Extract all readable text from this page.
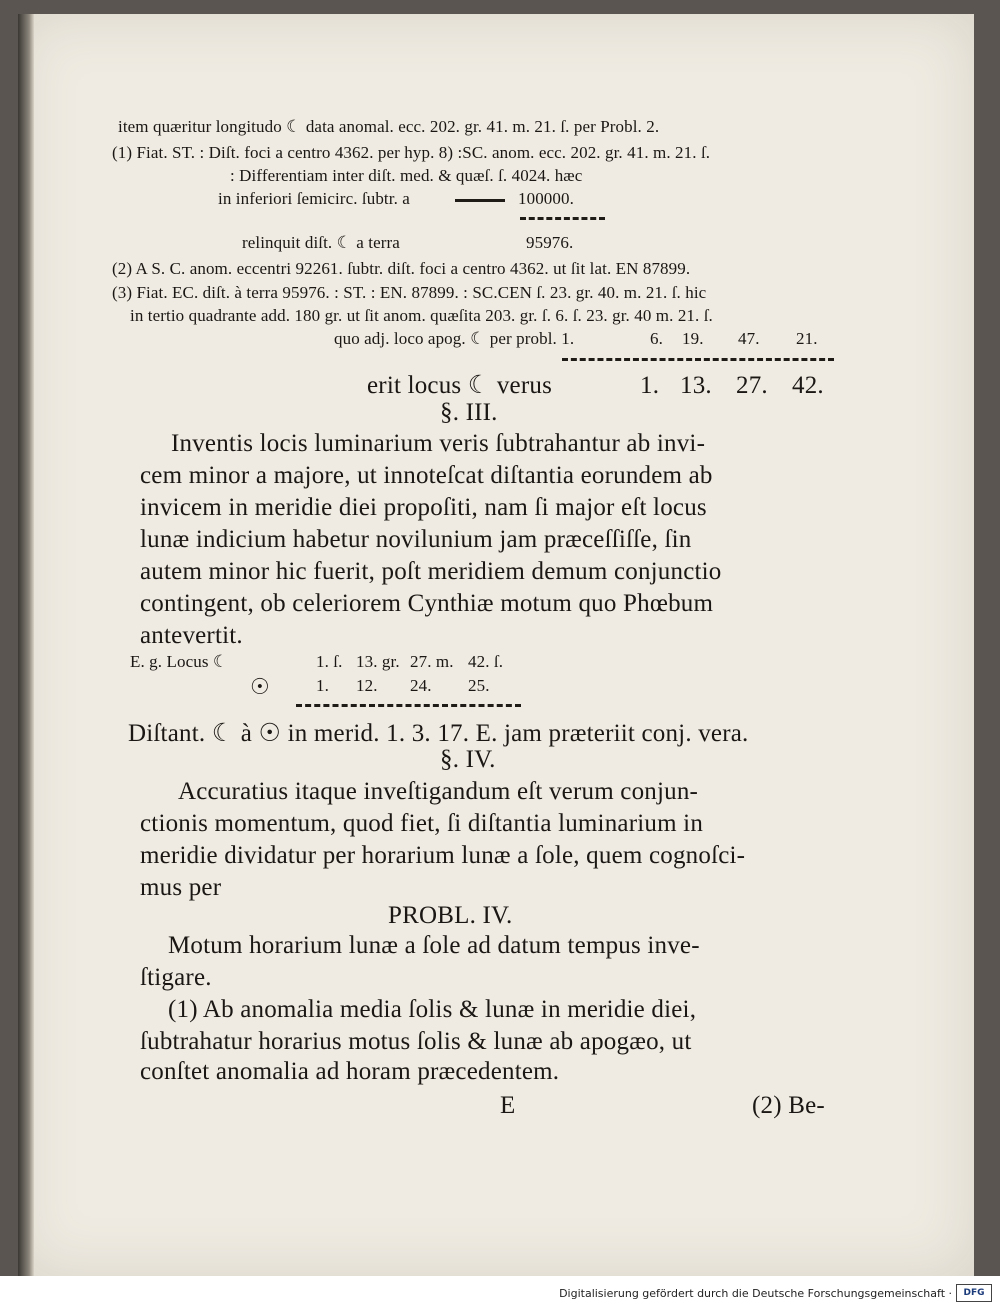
item quæritur longitudo ☾ data anomal. ecc. 202. gr. 41. m. 21. ſ. per Probl. 2.
(1) Fiat. ST. : Diſt. foci a centro 4362. per hyp. 8) :SC. anom. ecc. 202. gr. 41. m. 21. ſ.
: Differentiam inter diſt. med. & quæſ. ſ. 4024. hæc
in inferiori ſemicirc. ſubtr. a	100000.
relinquit diſt. ☾ a terra	95976.
(2) A S. C. anom. eccentri 92261. ſubtr. diſt. foci a centro 4362. ut ſit lat. EN 87899.
(3) Fiat. EC. diſt. à terra 95976. : ST. : EN. 87899. : SC.CEN ſ. 23. gr. 40. m. 21. ſ. hic
in tertio quadrante add. 180 gr. ut ſit anom. quæſita 203. gr. ſ. 6. ſ. 23. gr. 40 m. 21. ſ.
quo adj. loco apog. ☾ per probl. 1.	6. 19. 47. 21.
erit locus ☾ verus	1. 13. 27. 42.
§. III.
Inventis locis luminarium veris ſubtrahantur ab invi-
cem minor a majore, ut innoteſcat diſtantia eorundem ab
invicem in meridie diei propoſiti, nam ſi major eſt locus
lunæ indicium habetur novilunium jam præceſſiſſe, ſin
autem minor hic fuerit, poſt meridiem demum conjunctio
contingent, ob celeriorem Cynthiæ motum quo Phœbum
antevertit.
E. g. Locus ☾	1. ſ. 13. gr. 27. m. 42. ſ.
☉	1. 12. 24. 25.
Diſtant. ☾ à ☉ in merid. 1. 3. 17. E. jam præteriit conj. vera.
§. IV.
Accuratius itaque inveſtigandum eſt verum conjun-
ctionis momentum, quod fiet, ſi diſtantia luminarium in
meridie dividatur per horarium lunæ a ſole, quem cognoſci-
mus per
PROBL. IV.
Motum horarium lunæ a ſole ad datum tempus inve-
ſtigare.
(1) Ab anomalia media ſolis & lunæ in meridie diei,
ſubtrahatur horarius motus ſolis & lunæ ab apogæo, ut
conſtet anomalia ad horam præcedentem.
E	(2) Be-
Digitalisierung gefördert durch die Deutsche Forschungsgemeinschaft ·	DFG
